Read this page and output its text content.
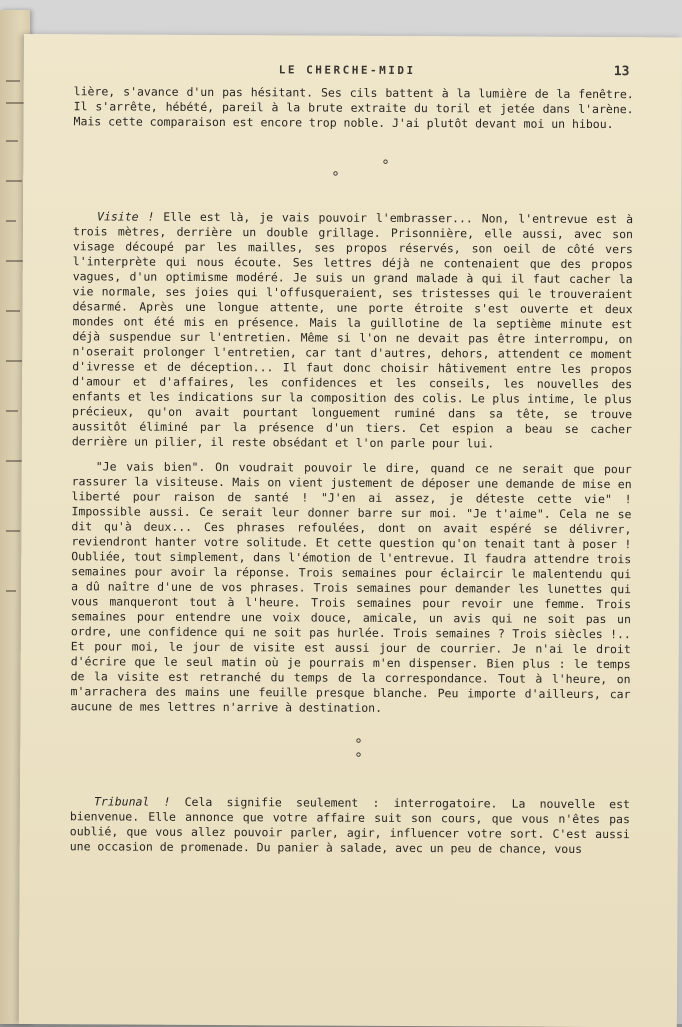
LE CHERCHE-MIDI	13

lière, s'avance d'un pas hésitant. Ses cils battent à la lumière de la fenêtre. Il s'arrête, hébété, pareil à la brute extraite du toril et jetée dans l'arène. Mais cette comparaison est encore trop noble. J'ai plutôt devant moi un hibou.

°
°

Visite ! Elle est là, je vais pouvoir l'embrasser... Non, l'entrevue est à trois mètres, derrière un double grillage. Prisonnière, elle aussi, avec son visage découpé par les mailles, ses propos réservés, son oeil de côté vers l'interprète qui nous écoute. Ses lettres déjà ne contenaient que des propos vagues, d'un optimisme modéré. Je suis un grand malade à qui il faut cacher la vie normale, ses joies qui l'offusqueraient, ses tristesses qui le trouveraient désarmé. Après une longue attente, une porte étroite s'est ouverte et deux mondes ont été mis en présence. Mais la guillotine de la septième minute est déjà suspendue sur l'entretien. Même si l'on ne devait pas être interrompu, on n'oserait prolonger l'entretien, car tant d'autres, dehors, attendent ce moment d'ivresse et de déception... Il faut donc choisir hâtivement entre les propos d'amour et d'affaires, les confidences et les conseils, les nouvelles des enfants et les indications sur la composition des colis. Le plus intime, le plus précieux, qu'on avait pourtant longuement ruminé dans sa tête, se trouve aussitôt éliminé par la présence d'un tiers. Cet espion a beau se cacher derrière un pilier, il reste obsédant et l'on parle pour lui.

"Je vais bien". On voudrait pouvoir le dire, quand ce ne serait que pour rassurer la visiteuse. Mais on vient justement de déposer une demande de mise en liberté pour raison de santé ! "J'en ai assez, je déteste cette vie" ! Impossible aussi. Ce serait leur donner barre sur moi. "Je t'aime". Cela ne se dit qu'à deux... Ces phrases refoulées, dont on avait espéré se délivrer, reviendront hanter votre solitude. Et cette question qu'on tenait tant à poser ! Oubliée, tout simplement, dans l'émotion de l'entrevue. Il faudra attendre trois semaines pour avoir la réponse. Trois semaines pour éclaircir le malentendu qui a dû naître d'une de vos phrases. Trois semaines pour demander les lunettes qui vous manqueront tout à l'heure. Trois semaines pour revoir une femme. Trois semaines pour entendre une voix douce, amicale, un avis qui ne soit pas un ordre, une confidence qui ne soit pas hurlée. Trois semaines ? Trois siècles !.. Et pour moi, le jour de visite est aussi jour de courrier. Je n'ai le droit d'écrire que le seul matin où je pourrais m'en dispenser. Bien plus : le temps de la visite est retranché du temps de la correspondance. Tout à l'heure, on m'arrachera des mains une feuille presque blanche. Peu importe d'ailleurs, car aucune de mes lettres n'arrive à destination.

°
°

Tribunal ! Cela signifie seulement : interrogatoire. La nouvelle est bienvenue. Elle annonce que votre affaire suit son cours, que vous n'êtes pas oublié, que vous allez pouvoir parler, agir, influencer votre sort. C'est aussi une occasion de promenade. Du panier à salade, avec un peu de chance, vous
